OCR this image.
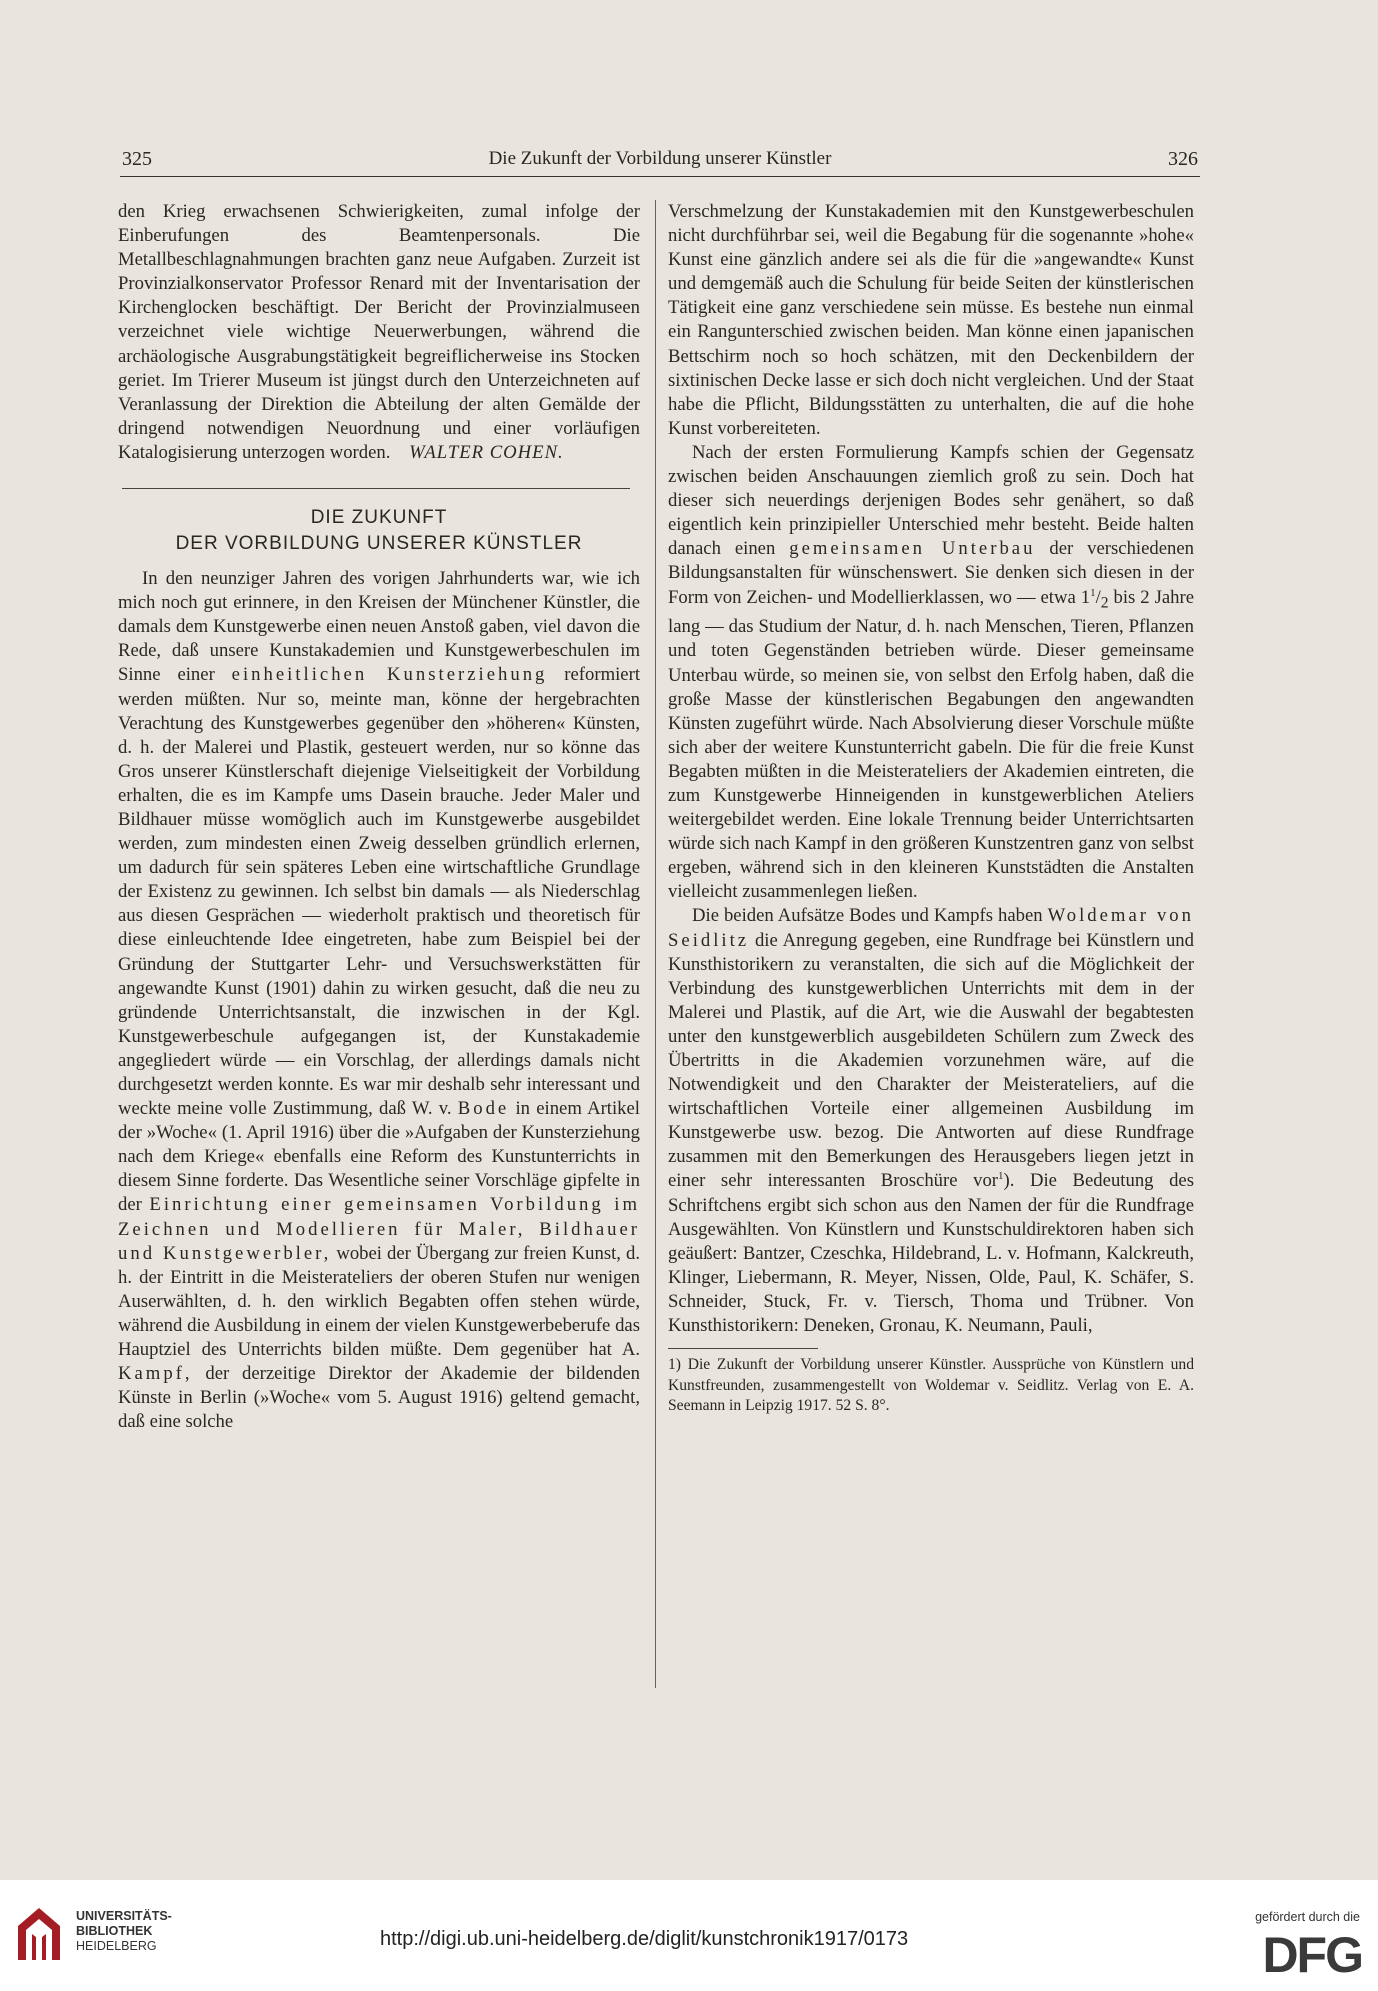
325	Die Zukunft der Vorbildung unserer Künstler	326

den Krieg erwachsenen Schwierigkeiten, zumal infolge der Einberufungen des Beamtenpersonals. Die Metallbeschlagnahmungen brachten ganz neue Aufgaben. Zurzeit ist Provinzialkonservator Professor Renard mit der Inventarisation der Kirchenglocken beschäftigt. Der Bericht der Provinzialmuseen verzeichnet viele wichtige Neuerwerbungen, während die archäologische Ausgrabungstätigkeit begreiflicherweise ins Stocken geriet. Im Trierer Museum ist jüngst durch den Unterzeichneten auf Veranlassung der Direktion die Abteilung der alten Gemälde der dringend notwendigen Neuordnung und einer vorläufigen Katalogisierung unterzogen worden. WALTER COHEN.

DIE ZUKUNFT
DER VORBILDUNG UNSERER KÜNSTLER

In den neunziger Jahren des vorigen Jahrhunderts war, wie ich mich noch gut erinnere, in den Kreisen der Münchener Künstler, die damals dem Kunstgewerbe einen neuen Anstoß gaben, viel davon die Rede, daß unsere Kunstakademien und Kunstgewerbeschulen im Sinne einer einheitlichen Kunsterziehung reformiert werden müßten. Nur so, meinte man, könne der hergebrachten Verachtung des Kunstgewerbes gegenüber den »höheren« Künsten, d. h. der Malerei und Plastik, gesteuert werden, nur so könne das Gros unserer Künstlerschaft diejenige Vielseitigkeit der Vorbildung erhalten, die es im Kampfe ums Dasein brauche. Jeder Maler und Bildhauer müsse womöglich auch im Kunstgewerbe ausgebildet werden, zum mindesten einen Zweig desselben gründlich erlernen, um dadurch für sein späteres Leben eine wirtschaftliche Grundlage der Existenz zu gewinnen. Ich selbst bin damals — als Niederschlag aus diesen Gesprächen — wiederholt praktisch und theoretisch für diese einleuchtende Idee eingetreten, habe zum Beispiel bei der Gründung der Stuttgarter Lehr- und Versuchswerkstätten für angewandte Kunst (1901) dahin zu wirken gesucht, daß die neu zu gründende Unterrichtsanstalt, die inzwischen in der Kgl. Kunstgewerbeschule aufgegangen ist, der Kunstakademie angegliedert würde — ein Vorschlag, der allerdings damals nicht durchgesetzt werden konnte. Es war mir deshalb sehr interessant und weckte meine volle Zustimmung, daß W. v. Bode in einem Artikel der »Woche« (1. April 1916) über die »Aufgaben der Kunsterziehung nach dem Kriege« ebenfalls eine Reform des Kunstunterrichts in diesem Sinne forderte. Das Wesentliche seiner Vorschläge gipfelte in der Einrichtung einer gemeinsamen Vorbildung im Zeichnen und Modellieren für Maler, Bildhauer und Kunstgewerbler, wobei der Übergang zur freien Kunst, d. h. der Eintritt in die Meisterateliers der oberen Stufen nur wenigen Auserwählten, d. h. den wirklich Begabten offen stehen würde, während die Ausbildung in einem der vielen Kunstgewerbeberufe das Hauptziel des Unterrichts bilden müßte. Dem gegenüber hat A. Kampf, der derzeitige Direktor der Akademie der bildenden Künste in Berlin (»Woche« vom 5. August 1916) geltend gemacht, daß eine solche

Verschmelzung der Kunstakademien mit den Kunstgewerbeschulen nicht durchführbar sei, weil die Begabung für die sogenannte »hohe« Kunst eine gänzlich andere sei als die für die »angewandte« Kunst und demgemäß auch die Schulung für beide Seiten der künstlerischen Tätigkeit eine ganz verschiedene sein müsse. Es bestehe nun einmal ein Rangunterschied zwischen beiden. Man könne einen japanischen Bettschirm noch so hoch schätzen, mit den Deckenbildern der sixtinischen Decke lasse er sich doch nicht vergleichen. Und der Staat habe die Pflicht, Bildungsstätten zu unterhalten, die auf die hohe Kunst vorbereiteten.

Nach der ersten Formulierung Kampfs schien der Gegensatz zwischen beiden Anschauungen ziemlich groß zu sein. Doch hat dieser sich neuerdings derjenigen Bodes sehr genähert, so daß eigentlich kein prinzipieller Unterschied mehr besteht. Beide halten danach einen gemeinsamen Unterbau der verschiedenen Bildungsanstalten für wünschenswert. Sie denken sich diesen in der Form von Zeichen- und Modellierklassen, wo — etwa $1^1/_2$ bis 2 Jahre lang — das Studium der Natur, d. h. nach Menschen, Tieren, Pflanzen und toten Gegenständen betrieben würde. Dieser gemeinsame Unterbau würde, so meinen sie, von selbst den Erfolg haben, daß die große Masse der künstlerischen Begabungen den angewandten Künsten zugeführt würde. Nach Absolvierung dieser Vorschule müßte sich aber der weitere Kunstunterricht gabeln. Die für die freie Kunst Begabten müßten in die Meisterateliers der Akademien eintreten, die zum Kunstgewerbe Hinneigenden in kunstgewerblichen Ateliers weitergebildet werden. Eine lokale Trennung beider Unterrichtsarten würde sich nach Kampf in den größeren Kunstzentren ganz von selbst ergeben, während sich in den kleineren Kunststädten die Anstalten vielleicht zusammenlegen ließen.

Die beiden Aufsätze Bodes und Kampfs haben Woldemar von Seidlitz die Anregung gegeben, eine Rundfrage bei Künstlern und Kunsthistorikern zu veranstalten, die sich auf die Möglichkeit der Verbindung des kunstgewerblichen Unterrichts mit dem in der Malerei und Plastik, auf die Art, wie die Auswahl der begabtesten unter den kunstgewerblich ausgebildeten Schülern zum Zweck des Übertritts in die Akademien vorzunehmen wäre, auf die Notwendigkeit und den Charakter der Meisterateliers, auf die wirtschaftlichen Vorteile einer allgemeinen Ausbildung im Kunstgewerbe usw. bezog. Die Antworten auf diese Rundfrage zusammen mit den Bemerkungen des Herausgebers liegen jetzt in einer sehr interessanten Broschüre vor$^1$). Die Bedeutung des Schriftchens ergibt sich schon aus den Namen der für die Rundfrage Ausgewählten. Von Künstlern und Kunstschuldirektoren haben sich geäußert: Bantzer, Czeschka, Hildebrand, L. v. Hofmann, Kalckreuth, Klinger, Liebermann, R. Meyer, Nissen, Olde, Paul, K. Schäfer, S. Schneider, Stuck, Fr. v. Tiersch, Thoma und Trübner. Von Kunsthistorikern: Deneken, Gronau, K. Neumann, Pauli,

1) Die Zukunft der Vorbildung unserer Künstler. Aussprüche von Künstlern und Kunstfreunden, zusammengestellt von Woldemar v. Seidlitz. Verlag von E. A. Seemann in Leipzig 1917. 52 S. 8°.

UNIVERSITÄTS-
BIBLIOTHEK
HEIDELBERG	http://digi.ub.uni-heidelberg.de/diglit/kunstchronik1917/0173
gefördert durch die
DFG
